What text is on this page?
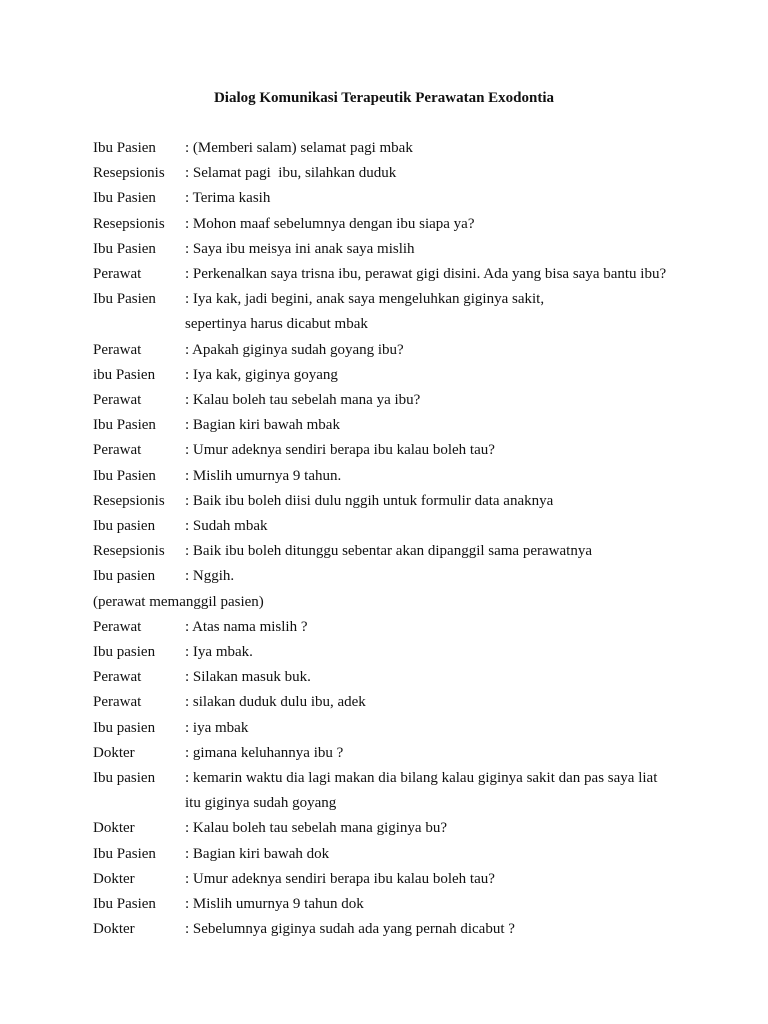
Dialog Komunikasi Terapeutik Perawatan Exodontia
Ibu Pasien	: (Memberi salam) selamat pagi mbak
Resepsionis	: Selamat pagi  ibu, silahkan duduk
Ibu Pasien	: Terima kasih
Resepsionis	: Mohon maaf sebelumnya dengan ibu siapa ya?
Ibu Pasien	: Saya ibu meisya ini anak saya mislih
Perawat	: Perkenalkan saya trisna ibu, perawat gigi disini. Ada yang bisa saya bantu ibu?
Ibu Pasien	: Iya kak, jadi begini, anak saya mengeluhkan giginya sakit,
sepertinya harus dicabut mbak
Perawat	: Apakah giginya sudah goyang ibu?
ibu Pasien	: Iya kak, giginya goyang
Perawat	: Kalau boleh tau sebelah mana ya ibu?
Ibu Pasien	: Bagian kiri bawah mbak
Perawat	: Umur adeknya sendiri berapa ibu kalau boleh tau?
Ibu Pasien	: Mislih umurnya 9 tahun.
Resepsionis	: Baik ibu boleh diisi dulu nggih untuk formulir data anaknya
Ibu pasien	: Sudah mbak
Resepsionis	: Baik ibu boleh ditunggu sebentar akan dipanggil sama perawatnya
Ibu pasien	: Nggih.
(perawat memanggil pasien)
Perawat	: Atas nama mislih ?
Ibu pasien	: Iya mbak.
Perawat	: Silakan masuk buk.
Perawat	: silakan duduk dulu ibu, adek
Ibu pasien	: iya mbak
Dokter	: gimana keluhannya ibu ?
Ibu pasien	: kemarin waktu dia lagi makan dia bilang kalau giginya sakit dan pas saya liat
itu giginya sudah goyang
Dokter	: Kalau boleh tau sebelah mana giginya bu?
Ibu Pasien	: Bagian kiri bawah dok
Dokter	: Umur adeknya sendiri berapa ibu kalau boleh tau?
Ibu Pasien	: Mislih umurnya 9 tahun dok
Dokter	: Sebelumnya giginya sudah ada yang pernah dicabut ?
